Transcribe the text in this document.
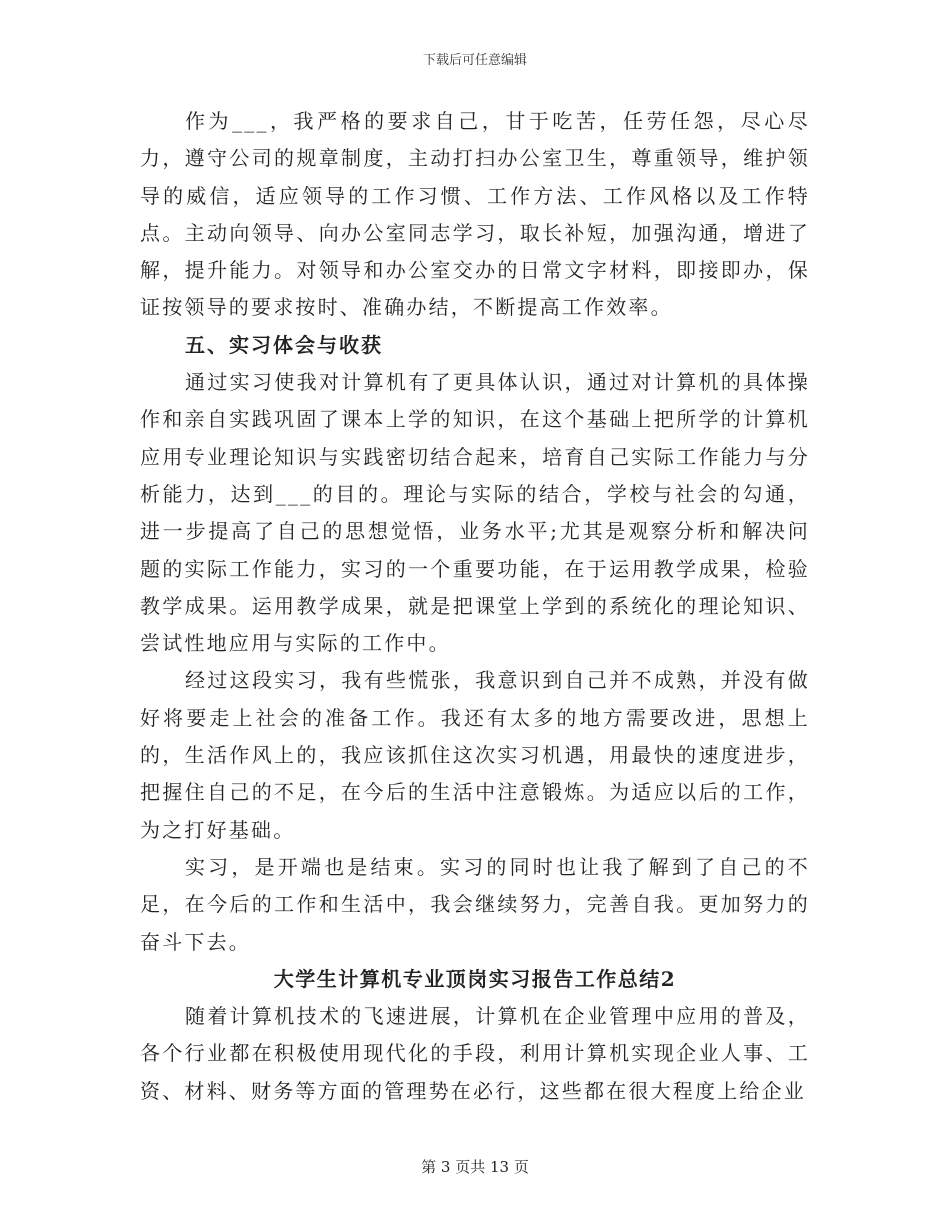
下载后可任意编辑

作为___，我严格的要求自己，甘于吃苦，任劳任怨，尽心尽力，遵守公司的规章制度，主动打扫办公室卫生，尊重领导，维护领导的威信，适应领导的工作习惯、工作方法、工作风格以及工作特点。主动向领导、向办公室同志学习，取长补短，加强沟通，增进了解，提升能力。对领导和办公室交办的日常文字材料，即接即办，保证按领导的要求按时、准确办结，不断提高工作效率。

五、实习体会与收获

通过实习使我对计算机有了更具体认识，通过对计算机的具体操作和亲自实践巩固了课本上学的知识，在这个基础上把所学的计算机应用专业理论知识与实践密切结合起来，培育自己实际工作能力与分析能力，达到___的目的。理论与实际的结合，学校与社会的勾通，进一步提高了自己的思想觉悟，业务水平;尤其是观察分析和解决问题的实际工作能力，实习的一个重要功能，在于运用教学成果，检验教学成果。运用教学成果，就是把课堂上学到的系统化的理论知识、尝试性地应用与实际的工作中。

经过这段实习，我有些慌张，我意识到自己并不成熟，并没有做好将要走上社会的准备工作。我还有太多的地方需要改进，思想上的，生活作风上的，我应该抓住这次实习机遇，用最快的速度进步，把握住自己的不足，在今后的生活中注意锻炼。为适应以后的工作，为之打好基础。

实习，是开端也是结束。实习的同时也让我了解到了自己的不足，在今后的工作和生活中，我会继续努力，完善自我。更加努力的奋斗下去。

大学生计算机专业顶岗实习报告工作总结2

随着计算机技术的飞速进展，计算机在企业管理中应用的普及，各个行业都在积极使用现代化的手段，利用计算机实现企业人事、工资、材料、财务等方面的管理势在必行，这些都在很大程度上给企业

第 3 页共 13 页
